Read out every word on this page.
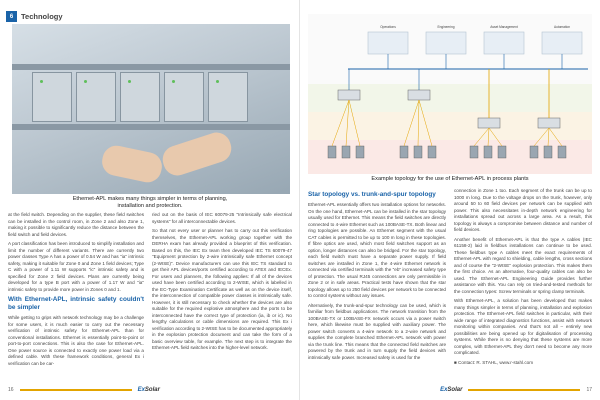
6	Technology
Ethernet-APL makes many things simpler in terms of planning,
installation and protection.

at the field switch. Depending on the supplier, these field switches can be installed in the control room, in Zone 2 and also Zone 1, making it possible to significantly reduce the distance between the field switch and field devices.

A port classification has been introduced to simplify installation and limit the number of different variants. There are currently two power classes Type A has a power of 0.54 W and has "ia" intrinsic safety, making it suitable for Zone 0 and Zone 1 field devices; Type C with a power of 1.11 W supports "ic" intrinsic safety and is specified for Zone 2 field devices. Plans are currently being developed for a type B port with a power of 1.17 W and "ia" intrinsic safety to provide more power in Zones 0 and 1.

With Ethernet-APL, intrinsic safety couldn't be simpler

While getting to grips with network technology may be a challenge for some users, it is much easier to carry out the necessary verification of intrinsic safety for Ethernet-APL than for conventional installations. Ethernet is essentially point-to-point or port-to-port connections. This is also the case for Ethernet-APL. One power source is connected to exactly one power load via a defined cable. With these framework conditions, general Ex i verification can be car-

ried out on the basis of IEC 60079-25 "Intrinsically safe electrical systems" for all interconnectable devices.

So that not every user or planner has to carry out this verification themselves, the Ethernet-APL working group together with the DERHA exam has already provided a blueprint of this verification. Based on this, the IEC Ex team then developed IEC TS 60079-47 "Equipment protection by 2-wire intrinsically safe Ethernet concept (2-WISE)". Device manufacturers can use this IEC TS standard to get their APL devices/ports certified according to ATEX and IECEx. For users and planners, the following applies: If all of the devices used have been certified according to 2-WISE, which is labelled in the EC-Type Examination Certificate as well as on the device itself, the interconnection of compatible power classes is intrinsically safe. However, it is still necessary to check whether the devices are also suitable for the required explosive atmosphere and the ports to be interconnected have the correct type of protection (ia, ib or ic). No lengthy calculations or cable dimensions are required. This Ex i verification according to 2-WISE has to be documented appropriately in the explosion protection document and can take the form of a basic overview table, for example. The next step is to integrate the Ethernet-APL field switches into the higher-level network.

16	ExSolar
Operations	Engineering	Asset Management	Automation
Example topology for the use of Ethernet-APL in process plants
Star topology vs. trunk-and-spur topology

Ethernet-APL essentially offers two installation options for networks. On the one hand, Ethernet-APL can be installed in the star topology usually used for Ethernet. This means the field switches are directly connected to 4-wire Ethernet such as 100BASE-TX. Both linear and ring topologies are possible. An Ethernet segment with the usual CAT cables is permitted to be up to 100 m long in these topologies. If fibre optics are used, which most field switches support as an option, longer distances can also be bridged. For the star topology, each field switch must have a separate power supply. If field switches are installed in Zone 1, the 4-wire Ethernet network is connected via certified terminals with the "eb" increased safety type of protection. The usual RJ45 connections are only permissible in Zone 2 or in safe areas. Practical tests have shown that the star topology allows up to 250 field devices per network to be connected to control systems without any issues.

Alternatively, the trunk-and-spur technology can be used, which is familiar from fieldbus applications. The network transition from the 100BASE-TX or 100BASE-FX network occurs via a power switch here, which likewise must be supplied with auxiliary power. The power switch converts a 4-wire network to a 2-wire network and supplies the complete branched Ethernet-APL network with power via the trunk line. This means that the connected field switches are powered by the trunk and in turn supply the field devices with intrinsically safe power. Increased safety is used for the

connection in Zone 1 too. Each segment of the trunk can be up to 1000 m long. Due to the voltage drops on the trunk, however, only around 50 to 60 field devices per network can be supplied with power. This also necessitates in-depth network engineering for installations spread out across a large area. As a result, this topology is always a compromise between distance and number of field devices.

Another benefit of Ethernet-APL is that the type A cables (IEC 61158-2) laid in fieldbus installations can continue to be used. These fieldbus type A cables meet the exact requirements of Ethernet-APL with regard to shielding, cable lengths, cross sections and of course the "2-WISE" explosion protection. This makes them the first choice. As an alternative, four-quality cables can also be used. The Ethernet-APL Engineering Guide provides further assistance with this. You can rely on tried-and-tested methods for the connection types: Screw terminals or spring clamp terminals.

With Ethernet-APL, a solution has been developed that makes many things simpler in terms of planning, installation and explosion protection. The Ethernet-APL field switches in particular, with their wide range of integrated diagnostics functions, assist with network monitoring within companies. And that's not all – entirely new possibilities are being opened up for digitalisation of processing systems. While there is no denying that these systems are more complex, with Ethernet-APL they don't need to become any more complicated.

■ Contact: R. STAHL, www.r-stahl.com

ExSolar	17
